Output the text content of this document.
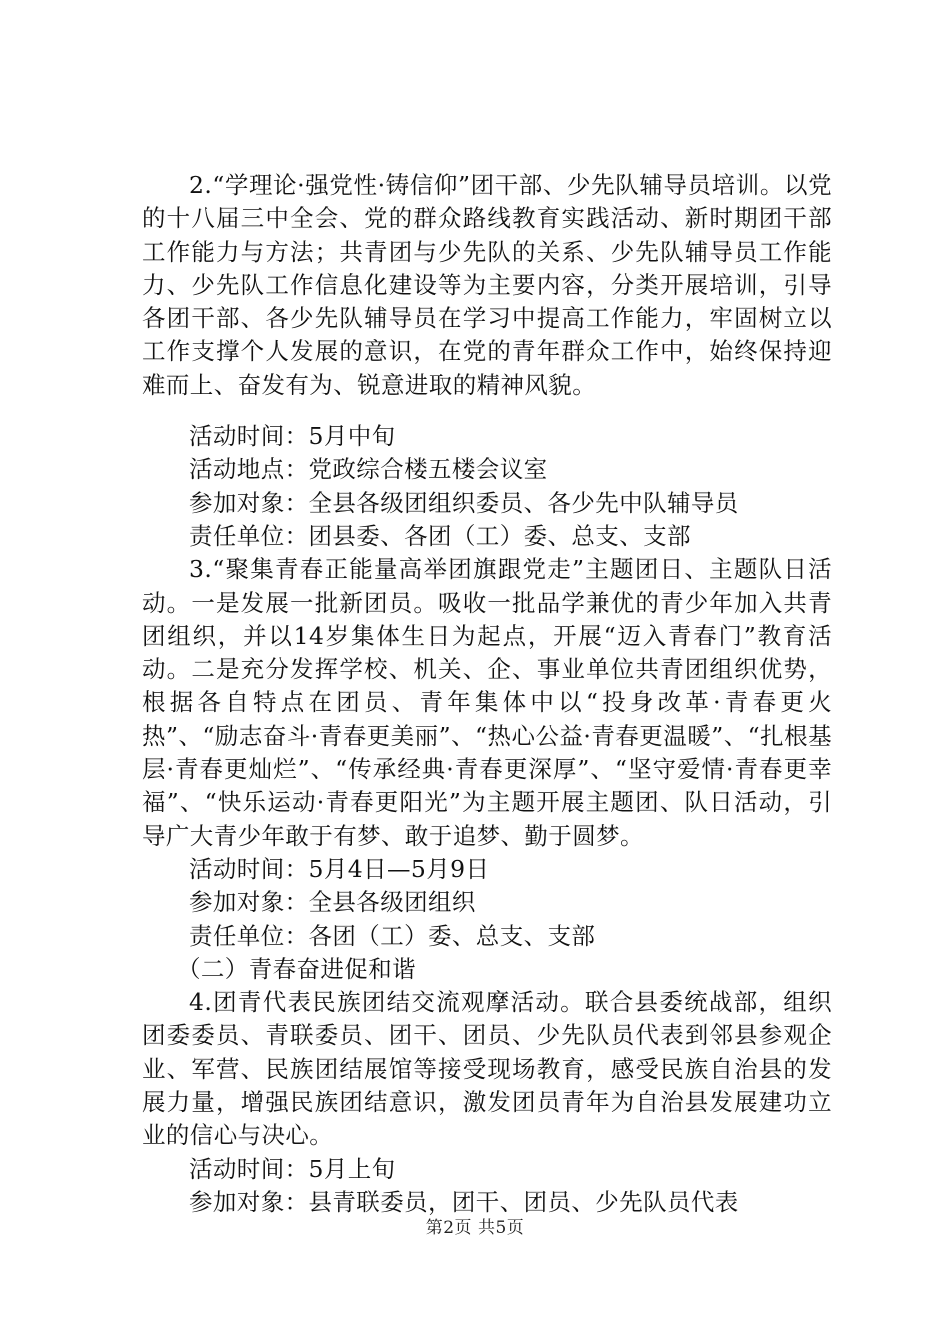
2.“学理论·强党性·铸信仰”团干部、少先队辅导员培训。以党的十八届三中全会、党的群众路线教育实践活动、新时期团干部工作能力与方法；共青团与少先队的关系、少先队辅导员工作能力、少先队工作信息化建设等为主要内容，分类开展培训，引导各团干部、各少先队辅导员在学习中提高工作能力，牢固树立以工作支撑个人发展的意识，在党的青年群众工作中，始终保持迎难而上、奋发有为、锐意进取的精神风貌。

活动时间：5月中旬

活动地点：党政综合楼五楼会议室

参加对象：全县各级团组织委员、各少先中队辅导员

责任单位：团县委、各团（工）委、总支、支部

3.“聚集青春正能量高举团旗跟党走”主题团日、主题队日活动。一是发展一批新团员。吸收一批品学兼优的青少年加入共青团组织，并以14岁集体生日为起点，开展“迈入青春门”教育活动。二是充分发挥学校、机关、企、事业单位共青团组织优势，根据各自特点在团员、青年集体中以“投身改革·青春更火热”、“励志奋斗·青春更美丽”、“热心公益·青春更温暖”、“扎根基层·青春更灿烂”、“传承经典·青春更深厚”、“坚守爱情·青春更幸福”、“快乐运动·青春更阳光”为主题开展主题团、队日活动，引导广大青少年敢于有梦、敢于追梦、勤于圆梦。

活动时间：5月4日—5月9日

参加对象：全县各级团组织

责任单位：各团（工）委、总支、支部

（二）青春奋进促和谐

4.团青代表民族团结交流观摩活动。联合县委统战部，组织团委委员、青联委员、团干、团员、少先队员代表到邻县参观企业、军营、民族团结展馆等接受现场教育，感受民族自治县的发展力量，增强民族团结意识，激发团员青年为自治县发展建功立业的信心与决心。

活动时间：5月上旬

参加对象：县青联委员，团干、团员、少先队员代表

第2页 共5页
